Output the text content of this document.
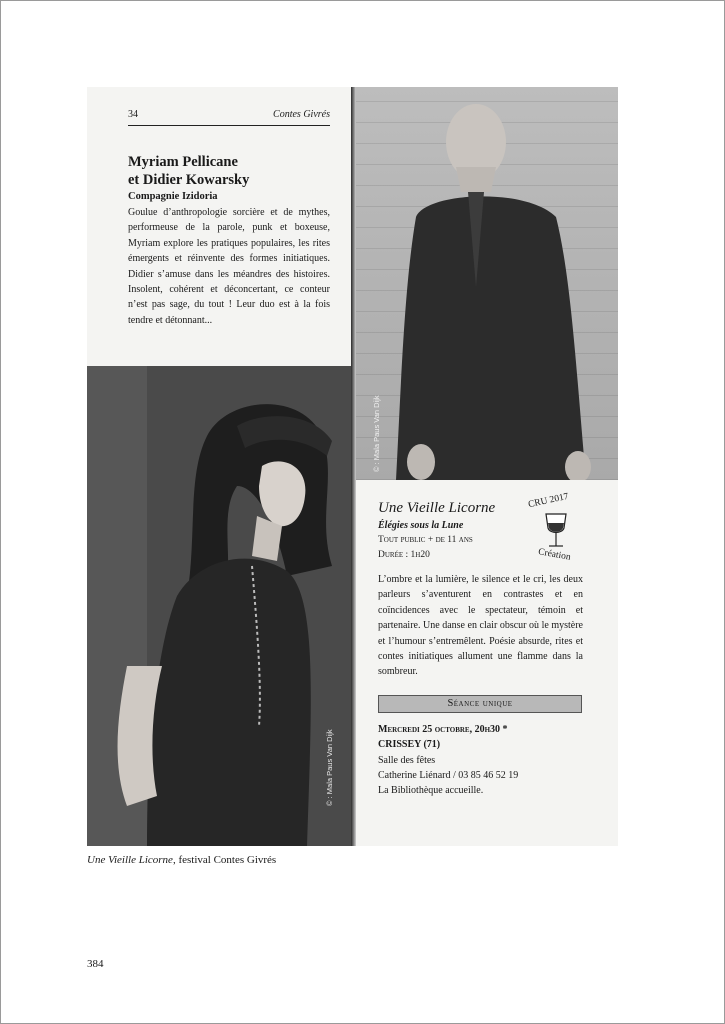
34	Contes Givrés
Myriam Pellicane
et Didier Kowarsky
Compagnie Izidoria
Goulue d’anthropologie sorcière et de mythes, performeuse de la parole, punk et boxeuse, Myriam explore les pratiques populaires, les rites émergents et réinvente des formes initiatiques. Didier s’amuse dans les méandres des histoires. Insolent, cohérent et déconcertant, ce conteur n’est pas sage, du tout ! Leur duo est à la fois tendre et détonnant...
© : Mala Paus Van Dijk
© : Mala Paus Van Dijk
Une Vieille Licorne
Élégies sous la Lune
Tout public + de 11 ans
Durée : 1h20
CRU 2017
Création
L’ombre et la lumière, le silence et le cri, les deux parleurs s’aventurent en contrastes et en coïncidences avec le spectateur, témoin et partenaire. Une danse en clair obscur où le mystère et l’humour s’entremêlent. Poésie absurde, rites et contes initiatiques allument une flamme dans la sombreur.
Séance unique
Mercredi 25 octobre, 20h30 *
CRISSEY (71)
Salle des fêtes
Catherine Liénard / 03 85 46 52 19
La Bibliothèque accueille.
Une Vieille Licorne, festival Contes Givrés
384
